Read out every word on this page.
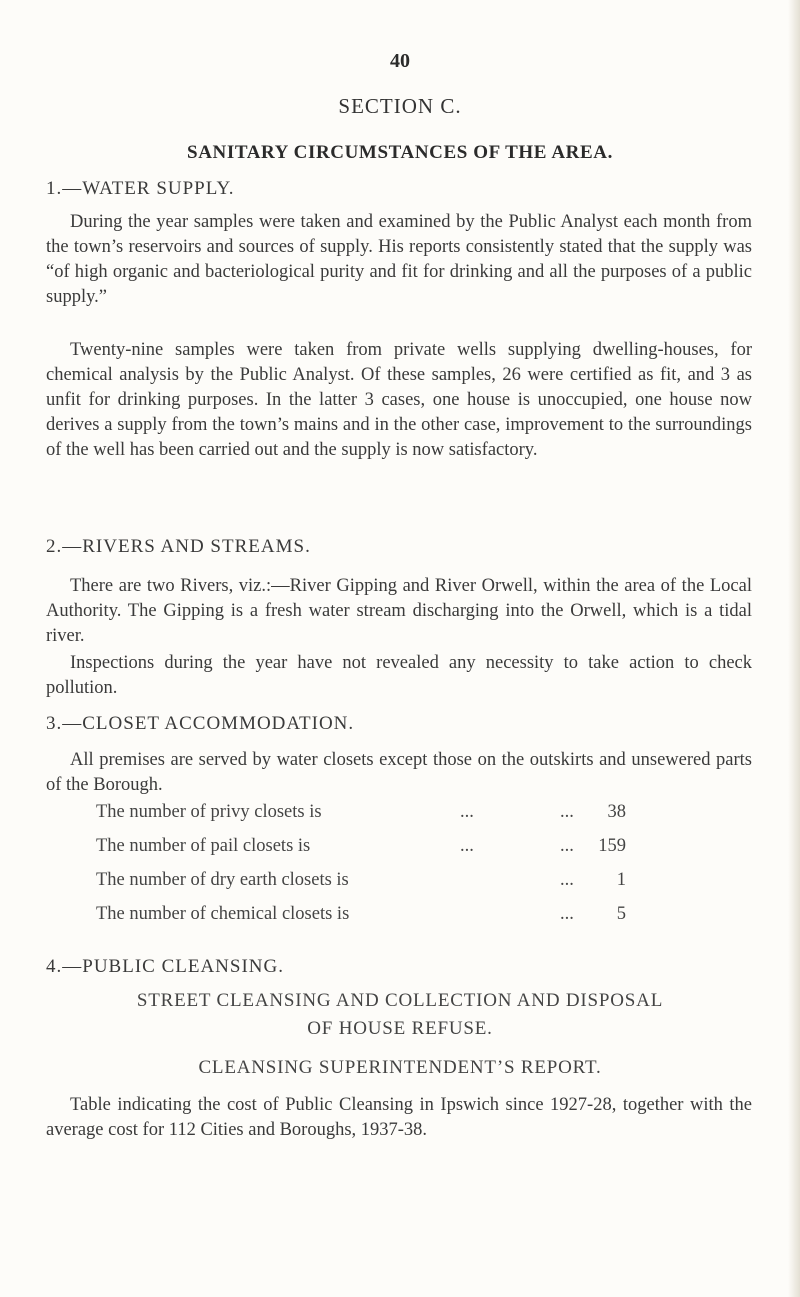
40
SECTION C.
SANITARY CIRCUMSTANCES OF THE AREA.
1.—WATER SUPPLY.

During the year samples were taken and examined by the Public Analyst each month from the town’s reservoirs and sources of supply. His reports consistently stated that the supply was “of high organic and bacteriological purity and fit for drinking and all the purposes of a public supply.”

Twenty-nine samples were taken from private wells supplying dwelling-houses, for chemical analysis by the Public Analyst. Of these samples, 26 were certified as fit, and 3 as unfit for drinking purposes. In the latter 3 cases, one house is unoccupied, one house now derives a supply from the town’s mains and in the other case, improvement to the surroundings of the well has been carried out and the supply is now satisfactory.

2.—RIVERS AND STREAMS.

There are two Rivers, viz.:—River Gipping and River Orwell, within the area of the Local Authority. The Gipping is a fresh water stream discharging into the Orwell, which is a tidal river.

Inspections during the year have not revealed any necessity to take action to check pollution.

3.—CLOSET ACCOMMODATION.

All premises are served by water closets except those on the outskirts and unsewered parts of the Borough.

The number of privy closets is	...	... 38
The number of pail closets is	...	... 159
The number of dry earth closets is	... 1
The number of chemical closets is	... 5
4.—PUBLIC CLEANSING.
STREET CLEANSING AND COLLECTION AND DISPOSAL
OF HOUSE REFUSE.
CLEANSING SUPERINTENDENT’S REPORT.

Table indicating the cost of Public Cleansing in Ipswich since 1927-28, together with the average cost for 112 Cities and Boroughs, 1937-38.
